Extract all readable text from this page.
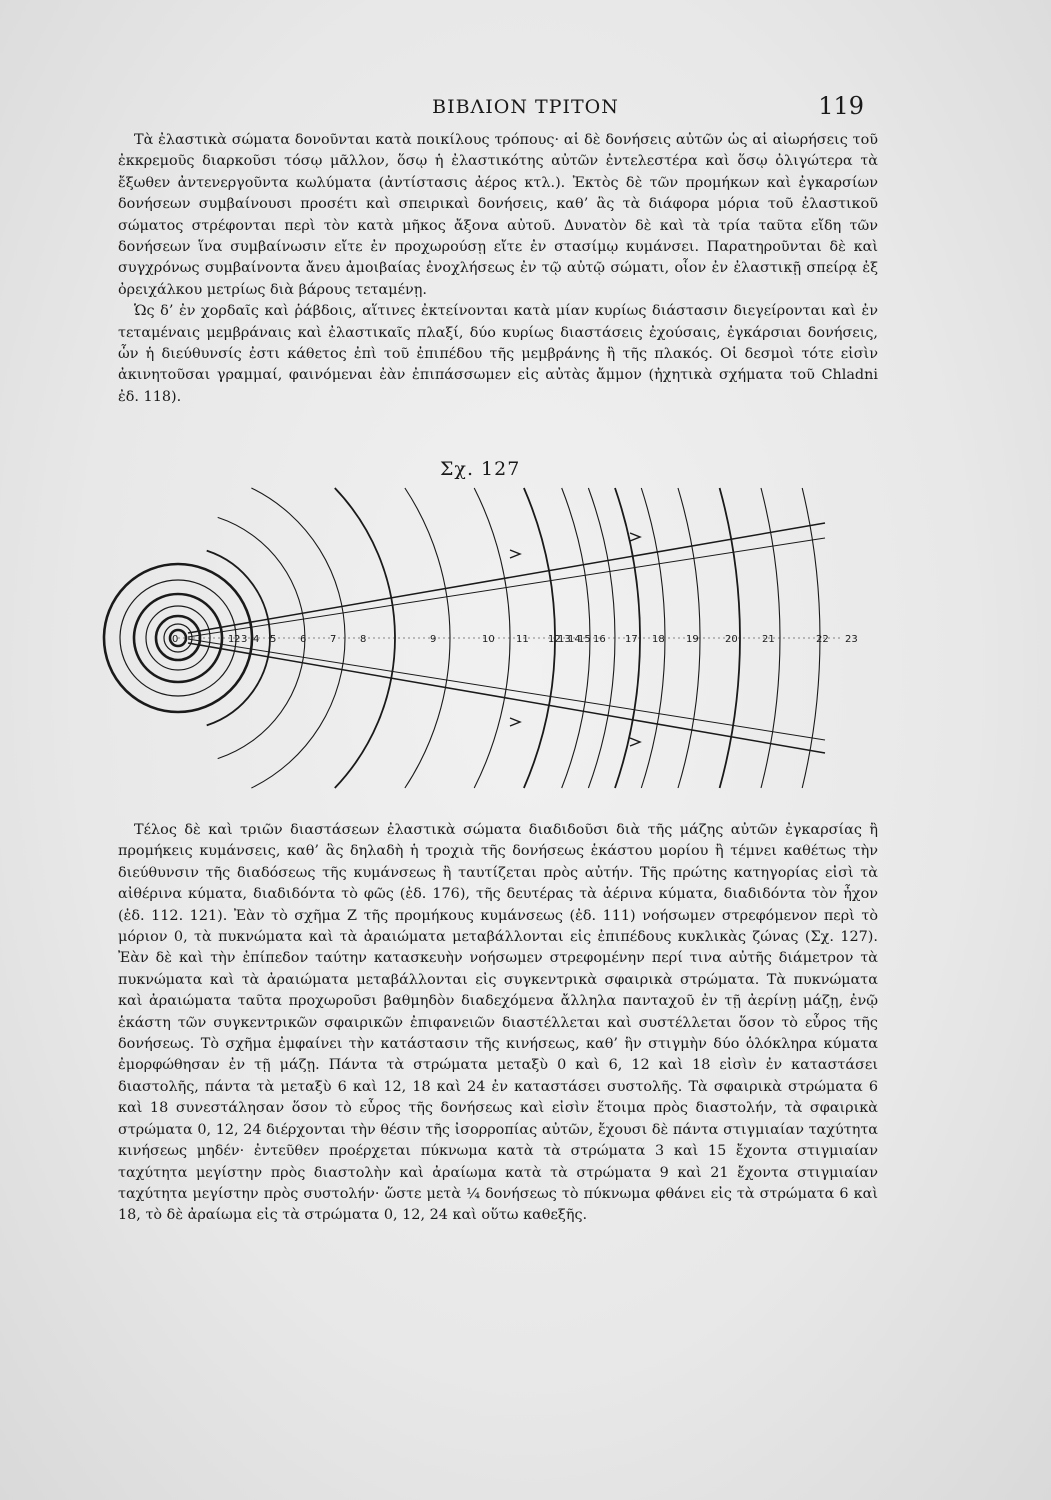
ΒΙΒΛΙΟΝ ΤΡΙΤΟΝ	119

Τὰ ἐλαστικὰ σώματα δονοῦνται κατὰ ποικίλους τρόπους· αἱ δὲ δονήσεις αὐτῶν ὡς αἱ αἰωρήσεις τοῦ ἐκκρεμοῦς διαρκοῦσι τόσῳ μᾶλλον, ὅσῳ ἡ ἐλαστικότης αὐτῶν ἐντελεστέρα καὶ ὅσῳ ὀλιγώτερα τὰ ἔξωθεν ἀντενεργοῦντα κωλύματα (ἀντίστασις ἀέρος κτλ.). Ἐκτὸς δὲ τῶν προμήκων καὶ ἐγκαρσίων δονήσεων συμβαίνουσι προσέτι καὶ σπειρικαὶ δονήσεις, καθ’ ἃς τὰ διάφορα μόρια τοῦ ἐλαστικοῦ σώματος στρέφονται περὶ τὸν κατὰ μῆκος ἄξονα αὐτοῦ. Δυνατὸν δὲ καὶ τὰ τρία ταῦτα εἴδη τῶν δονήσεων ἵνα συμβαίνωσιν εἴτε ἐν προχωρούσῃ εἴτε ἐν στασίμῳ κυμάνσει. Παρατηροῦνται δὲ καὶ συγχρόνως συμβαίνοντα ἄνευ ἀμοιβαίας ἐνοχλήσεως ἐν τῷ αὐτῷ σώματι, οἷον ἐν ἐλαστικῇ σπείρᾳ ἐξ ὀρειχάλκου μετρίως διὰ βάρους τεταμένῃ.

Ὡς δ’ ἐν χορδαῖς καὶ ῥάβδοις, αἵτινες ἐκτείνονται κατὰ μίαν κυρίως διάστασιν διεγείρονται καὶ ἐν τεταμέναις μεμβράναις καὶ ἐλαστικαῖς πλαξί, δύο κυρίως διαστάσεις ἐχούσαις, ἐγκάρσιαι δονήσεις, ὧν ἡ διεύθυνσίς ἐστι κάθετος ἐπὶ τοῦ ἐπιπέδου τῆς μεμβράνης ἢ τῆς πλακός. Οἱ δεσμοὶ τότε εἰσὶν ἀκινητοῦσαι γραμμαί, φαινόμεναι ἐὰν ἐπιπάσσωμεν εἰς αὐτὰς ἄμμον (ἠχητικὰ σχήματα τοῦ Chladni ἐδ. 118).

Σχ. 127
0	1 2 3 4 5 6 7 8	9	10 11 12
13
14
15 16 17 18 19	20 21	22 23

Τέλος δὲ καὶ τριῶν διαστάσεων ἐλαστικὰ σώματα διαδιδοῦσι διὰ τῆς μάζης αὐτῶν ἐγκαρσίας ἢ προμήκεις κυμάνσεις, καθ’ ἃς δηλαδὴ ἡ τροχιὰ τῆς δονήσεως ἑκάστου μορίου ἢ τέμνει καθέτως τὴν διεύθυνσιν τῆς διαδόσεως τῆς κυμάνσεως ἢ ταυτίζεται πρὸς αὐτήν. Τῆς πρώτης κατηγορίας εἰσὶ τὰ αἰθέρινα κύματα, διαδιδόντα τὸ φῶς (ἐδ. 176), τῆς δευτέρας τὰ ἀέρινα κύματα, διαδιδόντα τὸν ἦχον (ἐδ. 112. 121). Ἐὰν τὸ σχῆμα Ζ τῆς προμήκους κυμάνσεως (ἐδ. 111) νοήσωμεν στρεφόμενον περὶ τὸ μόριον 0, τὰ πυκνώματα καὶ τὰ ἀραιώματα μεταβάλλονται εἰς ἐπιπέδους κυκλικὰς ζώνας (Σχ. 127). Ἐὰν δὲ καὶ τὴν ἐπίπεδον ταύτην κατασκευὴν νοήσωμεν στρεφομένην περί τινα αὐτῆς διάμετρον τὰ πυκνώματα καὶ τὰ ἀραιώματα μεταβάλλονται εἰς συγκεντρικὰ σφαιρικὰ στρώματα. Τὰ πυκνώματα καὶ ἀραιώματα ταῦτα προχωροῦσι βαθμηδὸν διαδεχόμενα ἄλληλα πανταχοῦ ἐν τῇ ἀερίνῃ μάζῃ, ἐνῷ ἑκάστη τῶν συγκεντρικῶν σφαιρικῶν ἐπιφανειῶν διαστέλλεται καὶ συστέλλεται ὅσον τὸ εὖρος τῆς δονήσεως. Τὸ σχῆμα ἐμφαίνει τὴν κατάστασιν τῆς κινήσεως, καθ’ ἣν στιγμὴν δύο ὁλόκληρα κύματα ἐμορφώθησαν ἐν τῇ μάζῃ. Πάντα τὰ στρώματα μεταξὺ 0 καὶ 6, 12 καὶ 18 εἰσὶν ἐν καταστάσει διαστολῆς, πάντα τὰ μεταξὺ 6 καὶ 12, 18 καὶ 24 ἐν καταστάσει συστολῆς. Τὰ σφαιρικὰ στρώματα 6 καὶ 18 συνεστάλησαν ὅσον τὸ εὖρος τῆς δονήσεως καὶ εἰσὶν ἕτοιμα πρὸς διαστολήν, τὰ σφαιρικὰ στρώματα 0, 12, 24 διέρχονται τὴν θέσιν τῆς ἰσορροπίας αὐτῶν, ἔχουσι δὲ πάντα στιγμιαίαν ταχύτητα κινήσεως μηδέν· ἐντεῦθεν προέρχεται πύκνωμα κατὰ τὰ στρώματα 3 καὶ 15 ἔχοντα στιγμιαίαν ταχύτητα μεγίστην πρὸς διαστολὴν καὶ ἀραίωμα κατὰ τὰ στρώματα 9 καὶ 21 ἔχοντα στιγμιαίαν ταχύτητα μεγίστην πρὸς συστολήν· ὥστε μετὰ ¼ δονήσεως τὸ πύκνωμα φθάνει εἰς τὰ στρώματα 6 καὶ 18, τὸ δὲ ἀραίωμα εἰς τὰ στρώματα 0, 12, 24 καὶ οὕτω καθεξῆς.
